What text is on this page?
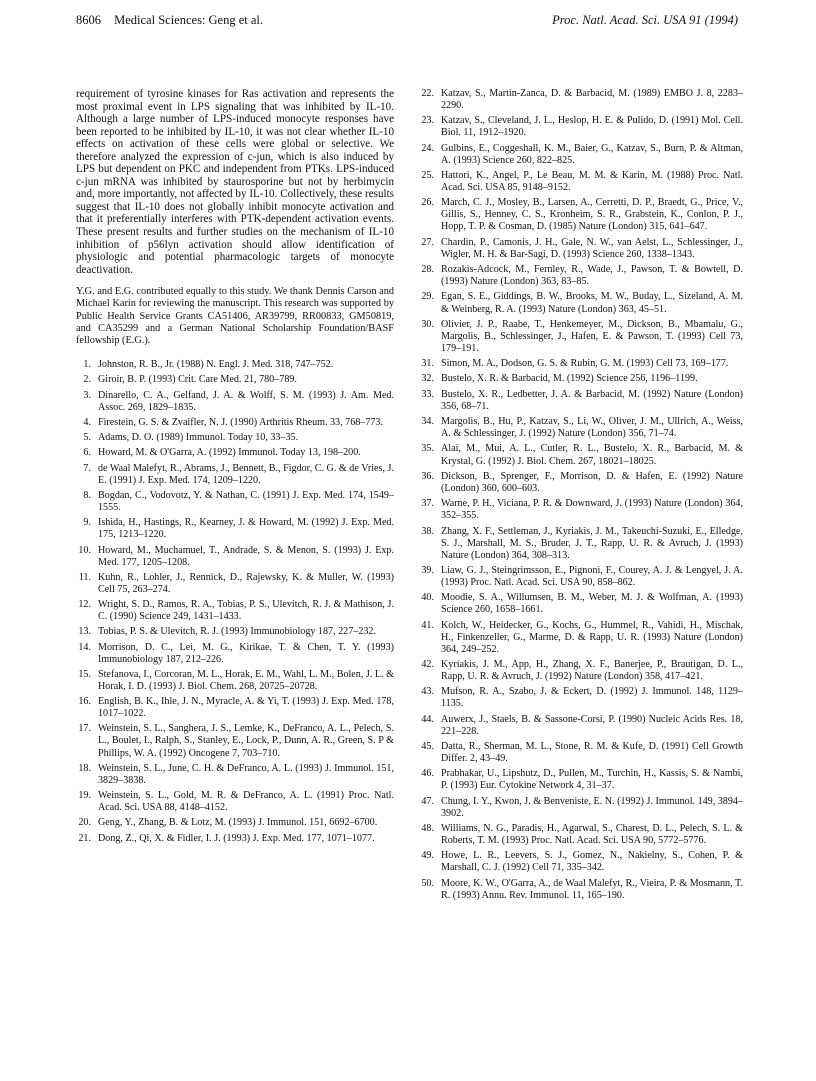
8606 Medical Sciences: Geng et al.	Proc. Natl. Acad. Sci. USA 91 (1994)

requirement of tyrosine kinases for Ras activation and represents the most proximal event in LPS signaling that was inhibited by IL-10. Although a large number of LPS-induced monocyte responses have been reported to be inhibited by IL-10, it was not clear whether IL-10 effects on activation of these cells were global or selective. We therefore analyzed the expression of c-jun, which is also induced by LPS but dependent on PKC and independent from PTKs. LPS-induced c-jun mRNA was inhibited by staurosporine but not by herbimycin and, more importantly, not affected by IL-10. Collectively, these results suggest that IL-10 does not globally inhibit monocyte activation and that it preferentially interferes with PTK-dependent activation events. These present results and further studies on the mechanism of IL-10 inhibition of p56lyn activation should allow identification of physiologic and potential pharmacologic targets of monocyte deactivation.

Y.G. and E.G. contributed equally to this study. We thank Dennis Carson and Michael Karin for reviewing the manuscript. This research was supported by Public Health Service Grants CA51406, AR39799, RR00833, GM50819, and CA35299 and a German National Scholarship Foundation/BASF fellowship (E.G.).

1. Johnston, R. B., Jr. (1988) N. Engl. J. Med. 318, 747–752.
2. Giroir, B. P. (1993) Crit. Care Med. 21, 780–789.
3. Dinarello, C. A., Gelfand, J. A. & Wolff, S. M. (1993) J. Am. Med. Assoc. 269, 1829–1835.
4. Firestein, G. S. & Zvaifler, N. J. (1990) Arthritis Rheum. 33, 768–773.
5. Adams, D. O. (1989) Immunol. Today 10, 33–35.
6. Howard, M. & O'Garra, A. (1992) Immunol. Today 13, 198–200.
7. de Waal Malefyt, R., Abrams, J., Bennett, B., Figdor, C. G. & de Vries, J. E. (1991) J. Exp. Med. 174, 1209–1220.
8. Bogdan, C., Vodovotz, Y. & Nathan, C. (1991) J. Exp. Med. 174, 1549–1555.
9. Ishida, H., Hastings, R., Kearney, J. & Howard, M. (1992) J. Exp. Med. 175, 1213–1220.
10. Howard, M., Muchamuel, T., Andrade, S. & Menon, S. (1993) J. Exp. Med. 177, 1205–1208.
11. Kuhn, R., Lohler, J., Rennick, D., Rajewsky, K. & Muller, W. (1993) Cell 75, 263–274.
12. Wright, S. D., Ramos, R. A., Tobias, P. S., Ulevitch, R. J. & Mathison, J. C. (1990) Science 249, 1431–1433.
13. Tobias, P. S. & Ulevitch, R. J. (1993) Immunobiology 187, 227–232.
14. Morrison, D. C., Lei, M. G., Kirikae, T. & Chen, T. Y. (1993) Immunobiology 187, 212–226.
15. Stefanova, I., Corcoran, M. L., Horak, E. M., Wahl, L. M., Bolen, J. L. & Horak, I. D. (1993) J. Biol. Chem. 268, 20725–20728.
16. English, B. K., Ihle, J. N., Myracle, A. & Yi, T. (1993) J. Exp. Med. 178, 1017–1022.
17. Weinstein, S. L., Sanghera, J. S., Lemke, K., DeFranco, A. L., Pelech, S. L., Boulet, I., Ralph, S., Stanley, E., Lock, P., Dunn, A. R., Green, S. P & Phillips, W. A. (1992) Oncogene 7, 703–710.
18. Weinstein, S. L., June, C. H. & DeFranco, A. L. (1993) J. Immunol. 151, 3829–3838.
19. Weinstein, S. L., Gold, M. R. & DeFranco, A. L. (1991) Proc. Natl. Acad. Sci. USA 88, 4148–4152.
20. Geng, Y., Zhang, B. & Lotz, M. (1993) J. Immunol. 151, 6692–6700.
21. Dong, Z., Qi, X. & Fidler, I. J. (1993) J. Exp. Med. 177, 1071–1077.
22. Katzav, S., Martin-Zanca, D. & Barbacid, M. (1989) EMBO J. 8, 2283–2290.
23. Katzav, S., Cleveland, J. L., Heslop, H. E. & Pulido, D. (1991) Mol. Cell. Biol. 11, 1912–1920.
24. Gulbins, E., Coggeshall, K. M., Baier, G., Katzav, S., Burn, P. & Altman, A. (1993) Science 260, 822–825.
25. Hattori, K., Angel, P., Le Beau, M. M. & Karin, M. (1988) Proc. Natl. Acad. Sci. USA 85, 9148–9152.
26. March, C. J., Mosley, B., Larsen, A., Cerretti, D. P., Braedt, G., Price, V., Gillis, S., Henney, C. S., Kronheim, S. R., Grabstein, K., Conlon, P. J., Hopp, T. P. & Cosman, D. (1985) Nature (London) 315, 641–647.
27. Chardin, P., Camonis, J. H., Gale, N. W., van Aelst, L., Schlessinger, J., Wigler, M. H. & Bar-Sagi, D. (1993) Science 260, 1338–1343.
28. Rozakis-Adcock, M., Fernley, R., Wade, J., Pawson, T. & Bowtell, D. (1993) Nature (London) 363, 83–85.
29. Egan, S. E., Giddings, B. W., Brooks, M. W., Buday, L., Sizeland, A. M. & Weinberg, R. A. (1993) Nature (London) 363, 45–51.
30. Olivier, J. P., Raabe, T., Henkemeyer, M., Dickson, B., Mbamalu, G., Margolis, B., Schlessinger, J., Hafen, E. & Pawson, T. (1993) Cell 73, 179–191.
31. Simon, M. A., Dodson, G. S. & Rubin, G. M. (1993) Cell 73, 169–177.
32. Bustelo, X. R. & Barbacid, M. (1992) Science 256, 1196–1199.
33. Bustelo, X. R., Ledbetter, J. A. & Barbacid, M. (1992) Nature (London) 356, 68–71.
34. Margolis, B., Hu, P., Katzav, S., Li, W., Oliver, J. M., Ullrich, A., Weiss, A. & Schlessinger, J. (1992) Nature (London) 356, 71–74.
35. Alai, M., Mui, A. L., Cutler, R. L., Bustelo, X. R., Barbacid, M. & Krystal, G. (1992) J. Biol. Chem. 267, 18021–18025.
36. Dickson, B., Sprenger, F., Morrison, D. & Hafen, E. (1992) Nature (London) 360, 600–603.
37. Warne, P. H., Viciana, P. R. & Downward, J. (1993) Nature (London) 364, 352–355.
38. Zhang, X. F., Settleman, J., Kyriakis, J. M., Takeuchi-Suzuki, E., Elledge, S. J., Marshall, M. S., Bruder, J. T., Rapp, U. R. & Avruch, J. (1993) Nature (London) 364, 308–313.
39. Liaw, G. J., Steingrimsson, E., Pignoni, F., Courey, A. J. & Lengyel, J. A. (1993) Proc. Natl. Acad. Sci. USA 90, 858–862.
40. Moodie, S. A., Willumsen, B. M., Weber, M. J. & Wolfman, A. (1993) Science 260, 1658–1661.
41. Kolch, W., Heidecker, G., Kochs, G., Hummel, R., Vahidi, H., Mischak, H., Finkenzeller, G., Marme, D. & Rapp, U. R. (1993) Nature (London) 364, 249–252.
42. Kyriakis, J. M., App, H., Zhang, X. F., Banerjee, P., Brautigan, D. L., Rapp, U. R. & Avruch, J. (1992) Nature (London) 358, 417–421.
43. Mufson, R. A., Szabo, J. & Eckert, D. (1992) J. Immunol. 148, 1129–1135.
44. Auwerx, J., Staels, B. & Sassone-Corsi, P. (1990) Nucleic Acids Res. 18, 221–228.
45. Datta, R., Sherman, M. L., Stone, R. M. & Kufe, D. (1991) Cell Growth Differ. 2, 43–49.
46. Prabhakar, U., Lipshutz, D., Pullen, M., Turchin, H., Kassis, S. & Nambi, P. (1993) Eur. Cytokine Network 4, 31–37.
47. Chung, I. Y., Kwon, J. & Benveniste, E. N. (1992) J. Immunol. 149, 3894–3902.
48. Williams, N. G., Paradis, H., Agarwal, S., Charest, D. L., Pelech, S. L. & Roberts, T. M. (1993) Proc. Natl. Acad. Sci. USA 90, 5772–5776.
49. Howe, L. R., Leevers, S. J., Gomez, N., Nakielny, S., Cohen, P. & Marshall, C. J. (1992) Cell 71, 335–342.
50. Moore, K. W., O'Garra, A., de Waal Malefyt, R., Vieira, P. & Mosmann, T. R. (1993) Annu. Rev. Immunol. 11, 165–190.
